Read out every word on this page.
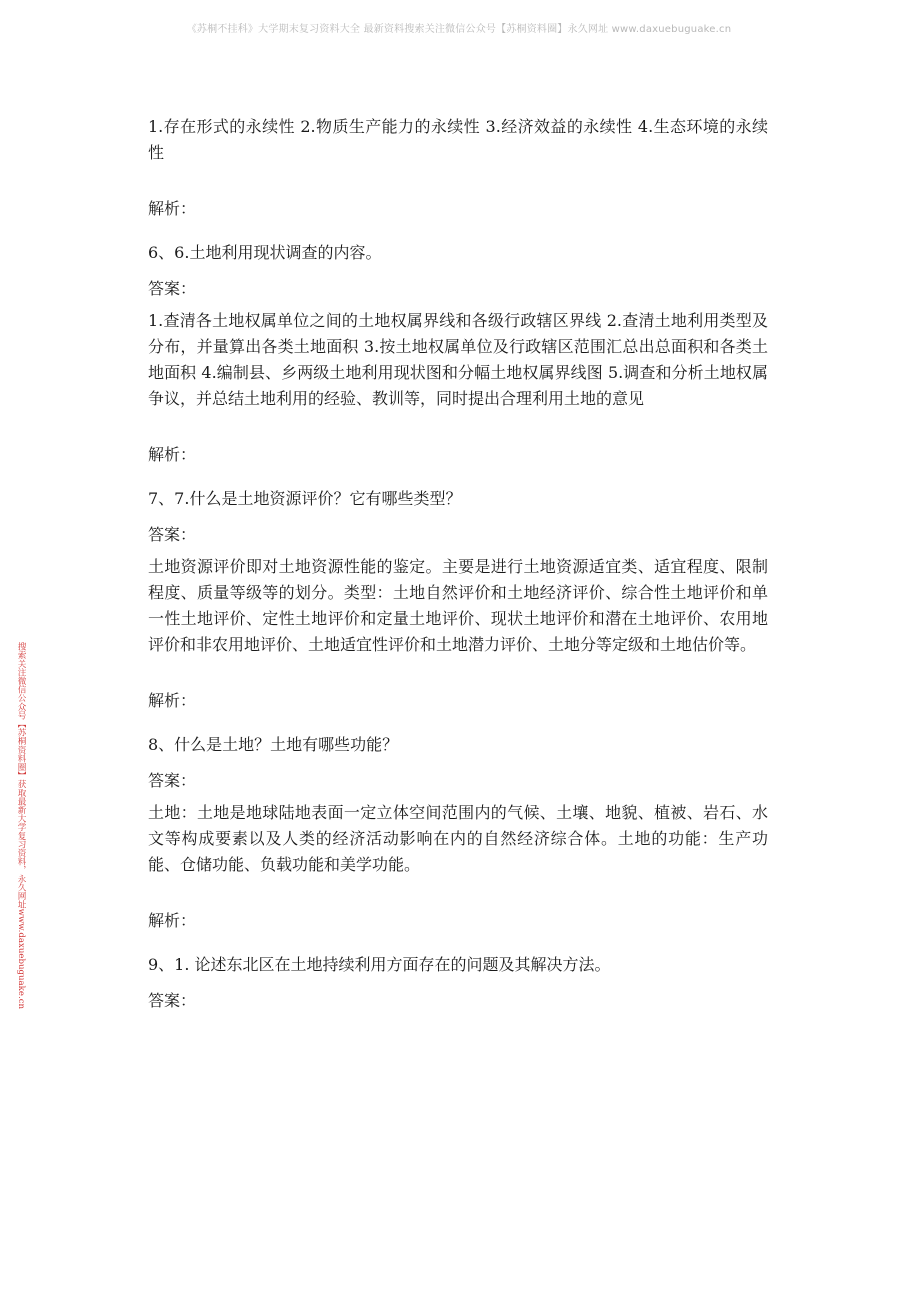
《苏桐不挂科》大学期末复习资料大全 最新资料搜索关注微信公众号【苏桐资料圈】永久网址 www.daxuebuguake.cn
搜索关注微信公众号【苏桐资料圈】获取最新大学复习资料，永久网址www.daxuebuguake.cn

1.存在形式的永续性 2.物质生产能力的永续性 3.经济效益的永续性 4.生态环境的永续性

解析：

6、6.土地利用现状调查的内容。

答案：

1.查清各土地权属单位之间的土地权属界线和各级行政辖区界线 2.查清土地利用类型及分布，并量算出各类土地面积 3.按土地权属单位及行政辖区范围汇总出总面积和各类土地面积 4.编制县、乡两级土地利用现状图和分幅土地权属界线图 5.调查和分析土地权属争议，并总结土地利用的经验、教训等，同时提出合理利用土地的意见

解析：

7、7.什么是土地资源评价？它有哪些类型？

答案：

土地资源评价即对土地资源性能的鉴定。主要是进行土地资源适宜类、适宜程度、限制程度、质量等级等的划分。类型：土地自然评价和土地经济评价、综合性土地评价和单一性土地评价、定性土地评价和定量土地评价、现状土地评价和潜在土地评价、农用地评价和非农用地评价、土地适宜性评价和土地潜力评价、土地分等定级和土地估价等。

解析：

8、什么是土地？土地有哪些功能？

答案：

土地：土地是地球陆地表面一定立体空间范围内的气候、土壤、地貌、植被、岩石、水文等构成要素以及人类的经济活动影响在内的自然经济综合体。土地的功能：生产功能、仓储功能、负载功能和美学功能。

解析：

9、1. 论述东北区在土地持续利用方面存在的问题及其解决方法。

答案：
